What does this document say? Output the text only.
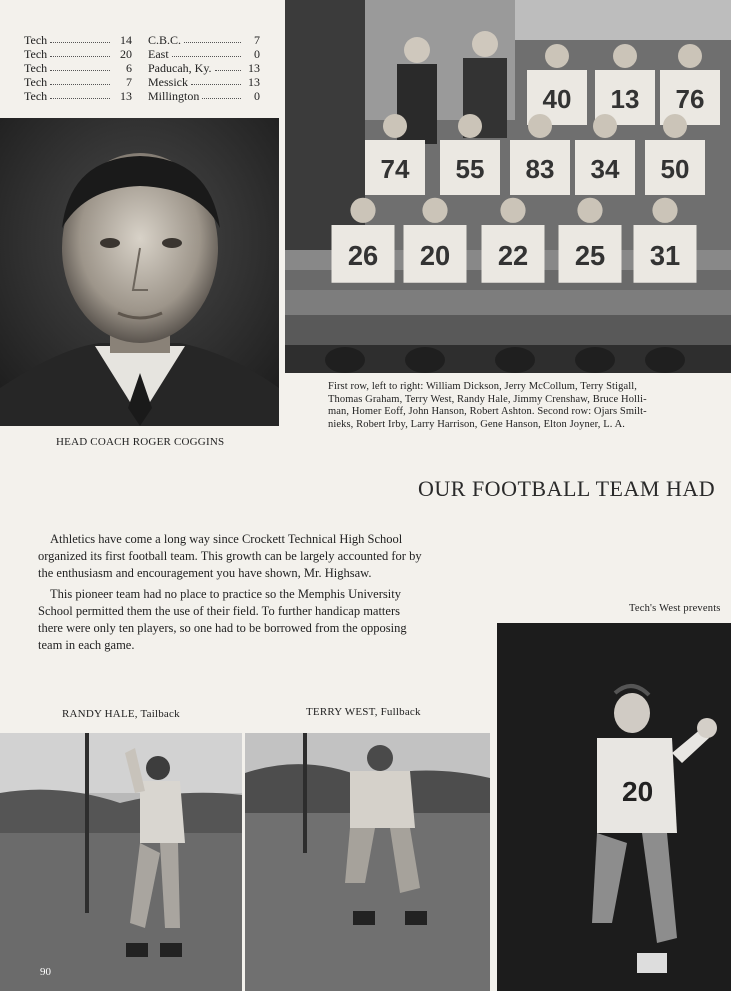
Tech	14 C.B.C.	7
Tech	20 East	0
Tech	6 Paducah, Ky.	13
Tech	7 Messick	13
Tech	13 Millington	0
HEAD COACH ROGER COGGINS
40 13 76
74 55 83 34 50
26 20 22 25 31
First row, left to right: William Dickson, Jerry McCollum, Terry Stigall,
Thomas Graham, Terry West, Randy Hale, Jimmy Crenshaw, Bruce Holli-
man, Homer Eoff, John Hanson, Robert Ashton. Second row: Ojars Smilt-
nieks, Robert Irby, Larry Harrison, Gene Hanson, Elton Joyner, L. A.
OUR FOOTBALL TEAM HAD
Athletics have come a long way since Crockett Technical High School
organized its first football team. This growth can be largely accounted for by
the enthusiasm and encouragement you have shown, Mr. Highsaw.
This pioneer team had no place to practice so the Memphis University
School permitted them the use of their field. To further handicap matters
there were only ten players, so one had to be borrowed from the opposing
team in each game.
Tech's West prevents
20
RANDY HALE, Tailback	TERRY WEST, Fullback
90
